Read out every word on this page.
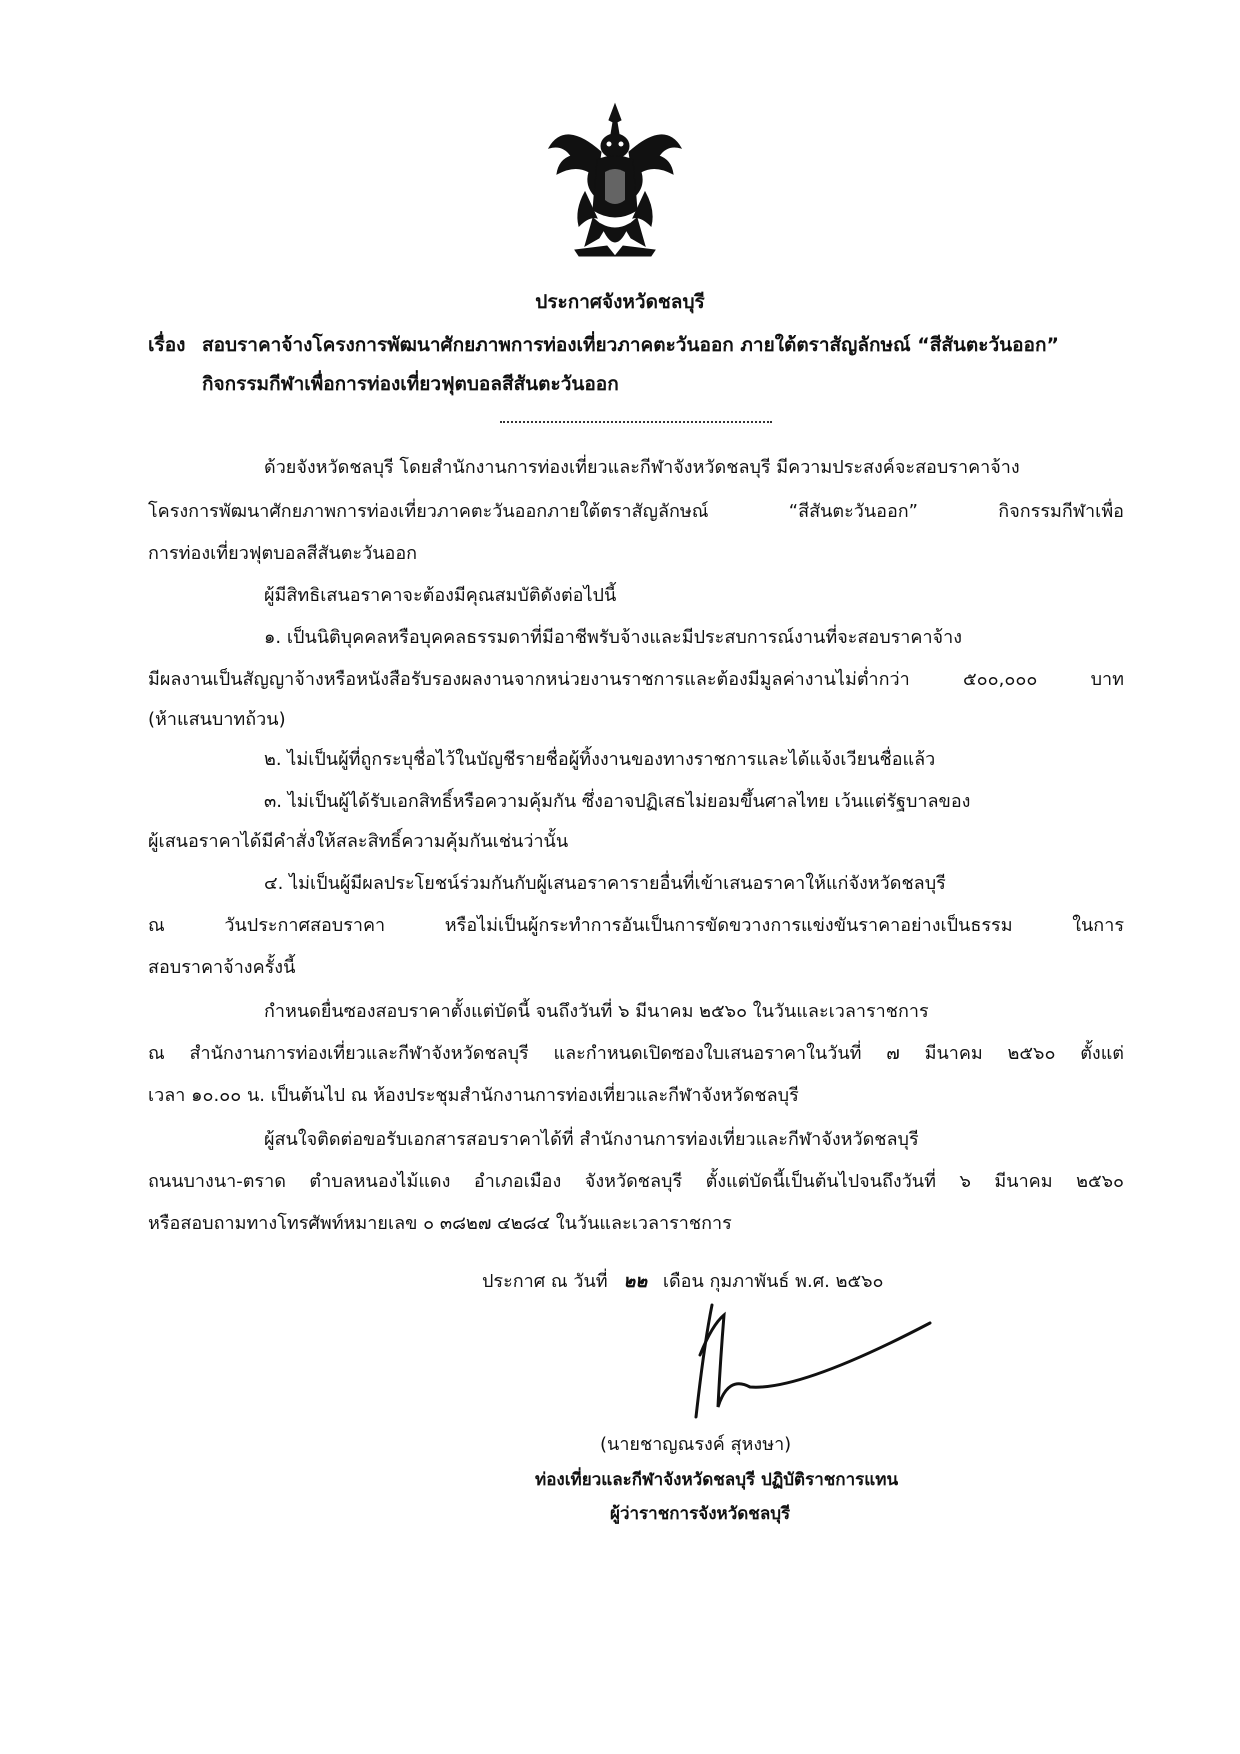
ประกาศจังหวัดชลบุรี
เรื่อง สอบราคาจ้างโครงการพัฒนาศักยภาพการท่องเที่ยวภาคตะวันออก ภายใต้ตราสัญลักษณ์ “สีสันตะวันออก”
กิจกรรมกีฬาเพื่อการท่องเที่ยวฟุตบอลสีสันตะวันออก
ด้วยจังหวัดชลบุรี โดยสำนักงานการท่องเที่ยวและกีฬาจังหวัดชลบุรี มีความประสงค์จะสอบราคาจ้าง
โครงการพัฒนาศักยภาพการท่องเที่ยวภาคตะวันออกภายใต้ตราสัญลักษณ์ “สีสันตะวันออก” กิจกรรมกีฬาเพื่อ
การท่องเที่ยวฟุตบอลสีสันตะวันออก
ผู้มีสิทธิเสนอราคาจะต้องมีคุณสมบัติดังต่อไปนี้
๑. เป็นนิติบุคคลหรือบุคคลธรรมดาที่มีอาชีพรับจ้างและมีประสบการณ์งานที่จะสอบราคาจ้าง
มีผลงานเป็นสัญญาจ้างหรือหนังสือรับรองผลงานจากหน่วยงานราชการและต้องมีมูลค่างานไม่ต่ำกว่า ๕๐๐,๐๐๐ บาท
(ห้าแสนบาทถ้วน)
๒. ไม่เป็นผู้ที่ถูกระบุชื่อไว้ในบัญชีรายชื่อผู้ทิ้งงานของทางราชการและได้แจ้งเวียนชื่อแล้ว
๓. ไม่เป็นผู้ได้รับเอกสิทธิ์หรือความคุ้มกัน ซึ่งอาจปฏิเสธไม่ยอมขึ้นศาลไทย เว้นแต่รัฐบาลของ
ผู้เสนอราคาได้มีคำสั่งให้สละสิทธิ์ความคุ้มกันเช่นว่านั้น
๔. ไม่เป็นผู้มีผลประโยชน์ร่วมกันกับผู้เสนอราคารายอื่นที่เข้าเสนอราคาให้แก่จังหวัดชลบุรี
ณ วันประกาศสอบราคา หรือไม่เป็นผู้กระทำการอันเป็นการขัดขวางการแข่งขันราคาอย่างเป็นธรรม ในการ
สอบราคาจ้างครั้งนี้
กำหนดยื่นซองสอบราคาตั้งแต่บัดนี้ จนถึงวันที่ ๖ มีนาคม ๒๕๖๐ ในวันและเวลาราชการ
ณ สำนักงานการท่องเที่ยวและกีฬาจังหวัดชลบุรี และกำหนดเปิดซองใบเสนอราคาในวันที่ ๗ มีนาคม ๒๕๖๐ ตั้งแต่
เวลา ๑๐.๐๐ น. เป็นต้นไป ณ ห้องประชุมสำนักงานการท่องเที่ยวและกีฬาจังหวัดชลบุรี
ผู้สนใจติดต่อขอรับเอกสารสอบราคาได้ที่ สำนักงานการท่องเที่ยวและกีฬาจังหวัดชลบุรี
ถนนบางนา-ตราด ตำบลหนองไม้แดง อำเภอเมือง จังหวัดชลบุรี ตั้งแต่บัดนี้เป็นต้นไปจนถึงวันที่ ๖ มีนาคม ๒๕๖๐
หรือสอบถามทางโทรศัพท์หมายเลข ๐ ๓๘๒๗ ๔๒๘๔ ในวันและเวลาราชการ
ประกาศ ณ วันที่ ๒๒ เดือน กุมภาพันธ์ พ.ศ. ๒๕๖๐
(นายชาญณรงค์ สุหงษา)
ท่องเที่ยวและกีฬาจังหวัดชลบุรี ปฏิบัติราชการแทน
ผู้ว่าราชการจังหวัดชลบุรี
